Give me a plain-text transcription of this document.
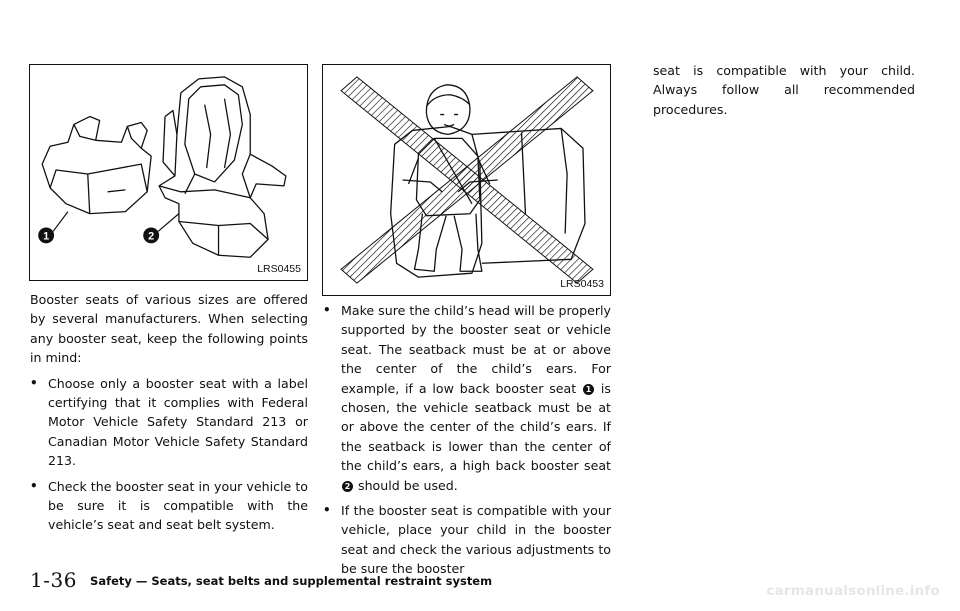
1	2
LRS0455
LRS0453

Booster seats of various sizes are offered by several manufacturers. When selecting any booster seat, keep the following points in mind:

•
Choose only a booster seat with a label certifying that it complies with Federal Motor Vehicle Safety Standard 213 or Canadian Motor Vehicle Safety Standard 213.

•
Check the booster seat in your vehicle to be sure it is compatible with the vehicle’s seat and seat belt system.

•
Make sure the child’s head will be properly supported by the booster seat or vehicle seat. The seatback must be at or above the center of the child’s ears. For example, if a low back booster seat 1 is chosen, the vehicle seatback must be at or above the center of the child’s ears. If the seatback is lower than the center of the child’s ears, a high back booster seat 2 should be used.

•
If the booster seat is compatible with your vehicle, place your child in the booster seat and check the various adjustments to be sure the booster

seat is compatible with your child. Always follow all recommended procedures.

1-36 Safety — Seats, seat belts and supplemental restraint system
carmanualsonline.info
